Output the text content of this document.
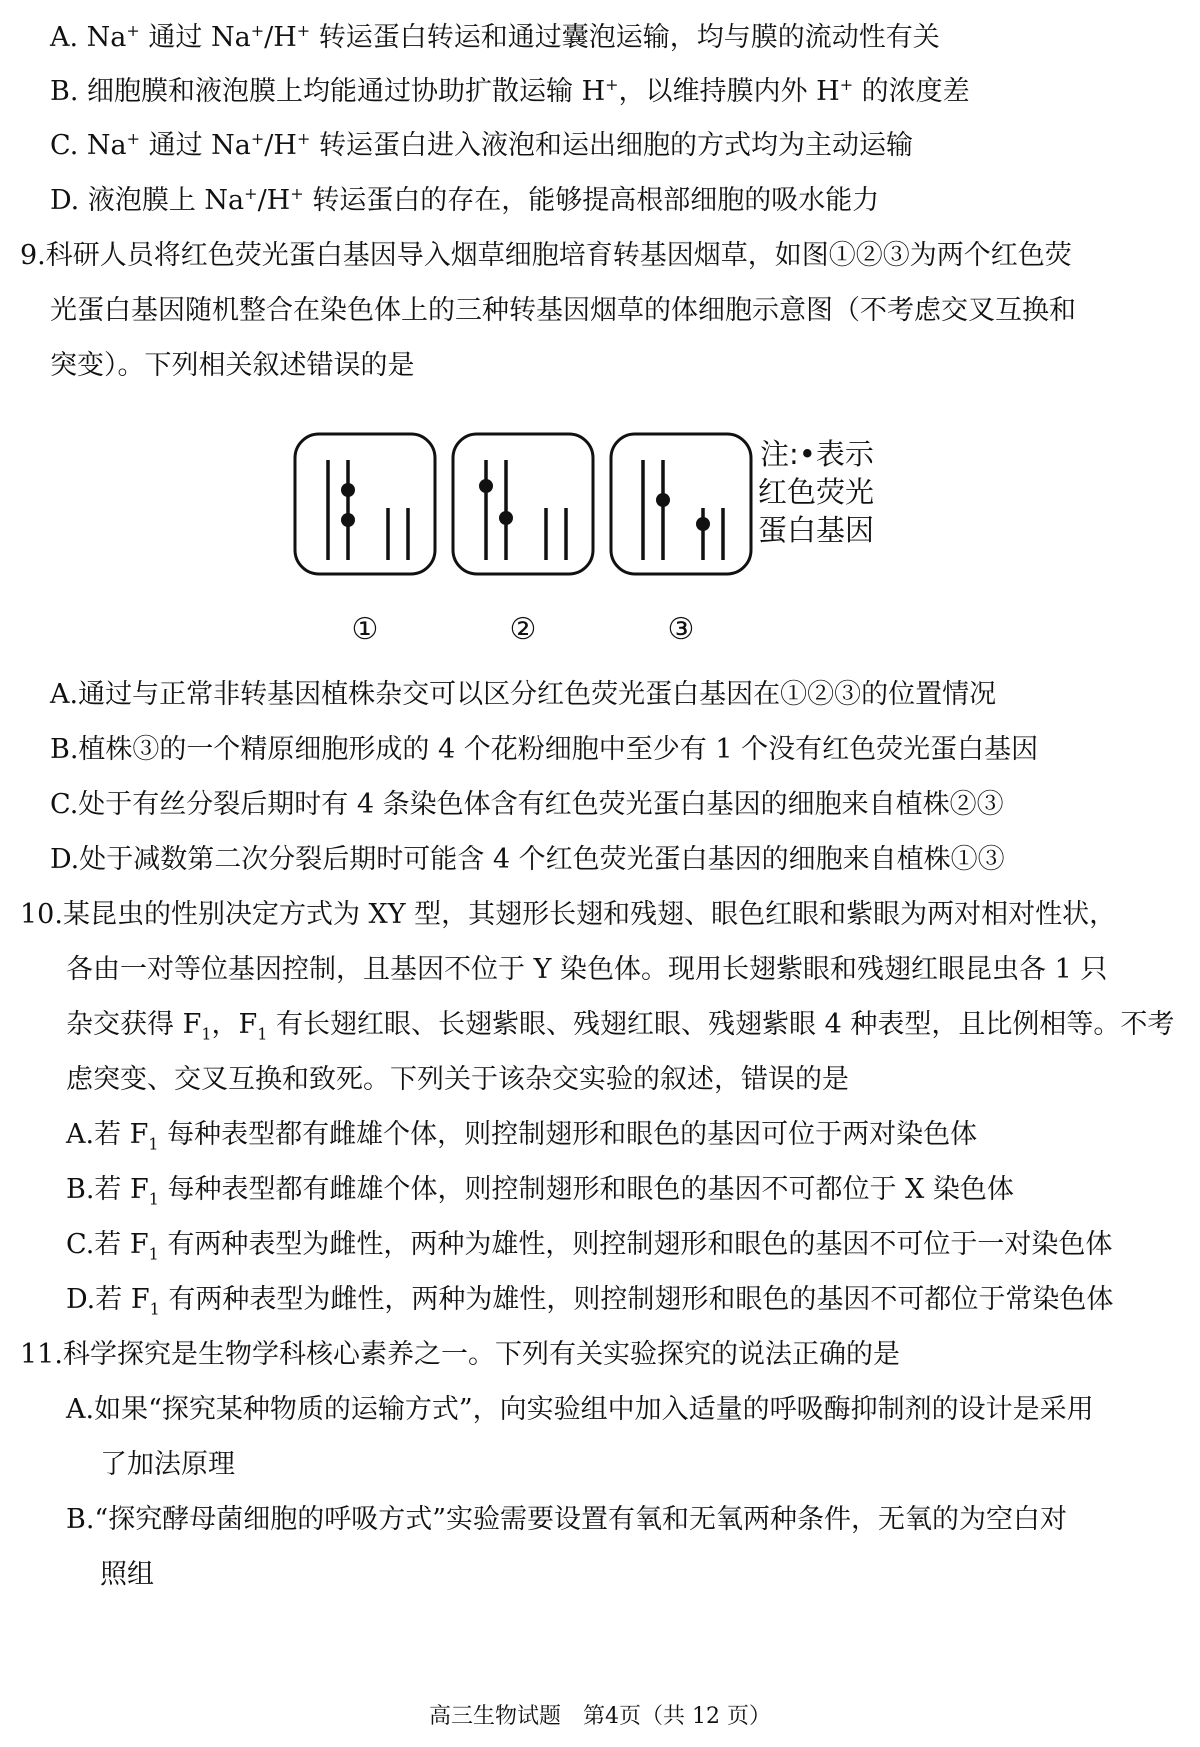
A. Na+ 通过 Na+/H+ 转运蛋白转运和通过囊泡运输，均与膜的流动性有关
B. 细胞膜和液泡膜上均能通过协助扩散运输 H+，以维持膜内外 H+ 的浓度差
C. Na+ 通过 Na+/H+ 转运蛋白进入液泡和运出细胞的方式均为主动运输
D. 液泡膜上 Na+/H+ 转运蛋白的存在，能够提高根部细胞的吸水能力
9.科研人员将红色荧光蛋白基因导入烟草细胞培育转基因烟草，如图①②③为两个红色荧
光蛋白基因随机整合在染色体上的三种转基因烟草的体细胞示意图（不考虑交叉互换和
突变）。下列相关叙述错误的是
①	②	③
注:•表示
红色荧光
蛋白基因
A.通过与正常非转基因植株杂交可以区分红色荧光蛋白基因在①②③的位置情况
B.植株③的一个精原细胞形成的 4 个花粉细胞中至少有 1 个没有红色荧光蛋白基因
C.处于有丝分裂后期时有 4 条染色体含有红色荧光蛋白基因的细胞来自植株②③
D.处于减数第二次分裂后期时可能含 4 个红色荧光蛋白基因的细胞来自植株①③
10.某昆虫的性别决定方式为 XY 型，其翅形长翅和残翅、眼色红眼和紫眼为两对相对性状，
各由一对等位基因控制，且基因不位于 Y 染色体。现用长翅紫眼和残翅红眼昆虫各 1 只
杂交获得 $F_1$，$F_1$ 有长翅红眼、长翅紫眼、残翅红眼、残翅紫眼 4 种表型，且比例相等。不考
虑突变、交叉互换和致死。下列关于该杂交实验的叙述，错误的是
A.若 $F_1$ 每种表型都有雌雄个体，则控制翅形和眼色的基因可位于两对染色体
B.若 $F_1$ 每种表型都有雌雄个体，则控制翅形和眼色的基因不可都位于 X 染色体
C.若 $F_1$ 有两种表型为雌性，两种为雄性，则控制翅形和眼色的基因不可位于一对染色体
D.若 $F_1$ 有两种表型为雌性，两种为雄性，则控制翅形和眼色的基因不可都位于常染色体
11.科学探究是生物学科核心素养之一。下列有关实验探究的说法正确的是
A.如果“探究某种物质的运输方式”，向实验组中加入适量的呼吸酶抑制剂的设计是采用
了加法原理
B.“探究酵母菌细胞的呼吸方式”实验需要设置有氧和无氧两种条件，无氧的为空白对
照组
高三生物试题　第4页（共 12 页）
